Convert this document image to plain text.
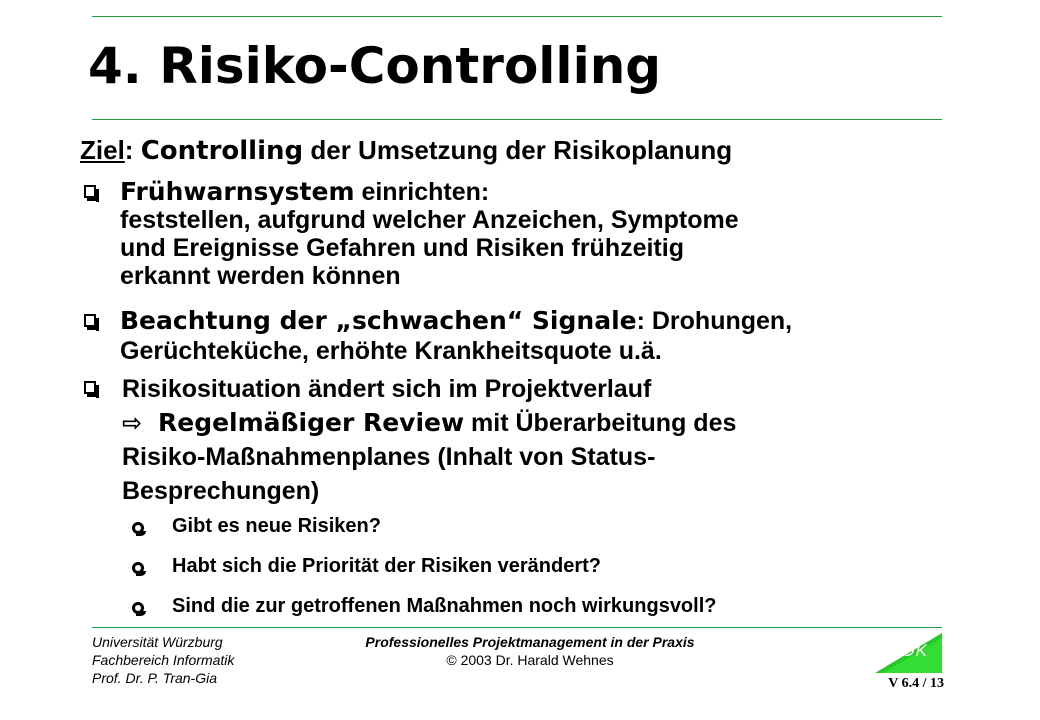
4. Risiko-Controlling
Ziel: Controlling der Umsetzung der Risikoplanung
Frühwarnsystem einrichten:
feststellen, aufgrund welcher Anzeichen, Symptome
und Ereignisse Gefahren und Risiken frühzeitig
erkannt werden können
Beachtung der „schwachen“ Signale: Drohungen,
Gerüchteküche, erhöhte Krankheitsquote u.ä.
Risikosituation ändert sich im Projektverlauf
⇨ Regelmäßiger Review mit Überarbeitung des
Risiko-Maßnahmenplanes (Inhalt von Status-
Besprechungen)
Gibt es neue Risiken?
Habt sich die Priorität der Risiken verändert?
Sind die zur getroffenen Maßnahmen noch wirkungsvoll?
Universität Würzburg
Fachbereich Informatik
Prof. Dr. P. Tran-Gia
Professionelles Projektmanagement in der Praxis
© 2003 Dr. Harald Wehnes	AOK
V 6.4 / 13
